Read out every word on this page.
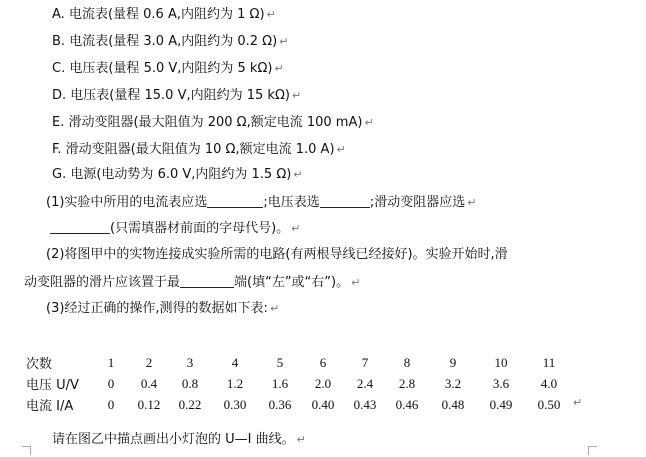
A. 电流表(量程 0.6 A,内阻约为 1 Ω) ↵
B. 电流表(量程 3.0 A,内阻约为 0.2 Ω) ↵
C. 电压表(量程 5.0 V,内阻约为 5 kΩ) ↵
D. 电压表(量程 15.0 V,内阻约为 15 kΩ) ↵
E. 滑动变阻器(最大阻值为 200 Ω,额定电流 100 mA) ↵
F. 滑动变阻器(最大阻值为 10 Ω,额定电流 1.0 A) ↵
G. 电源(电动势为 6.0 V,内阻约为 1.5 Ω) ↵
(1)实验中所用的电流表应选	;电压表选	;滑动变阻器应选 ↵
(只需填器材前面的字母代号)。 ↵
(2)将图甲中的实物连接成实验所需的电路(有两根导线已经接好)。实验开始时,滑
动变阻器的滑片应该置于最	端(填“左”或“右”)。 ↵
(3)经过正确的操作,测得的数据如下表: ↵
次数	1	2	3	4	5	6	7	8	9	10	11
电压 U/V	0	0.4	0.8	1.2	1.6	2.0	2.4	2.8	3.2	3.6	4.0
电流 I/A	0	0.12	0.22	0.30	0.36	0.40	0.43	0.46	0.48	0.49	0.50 ↵
请在图乙中描点画出小灯泡的 U—I 曲线。 ↵
